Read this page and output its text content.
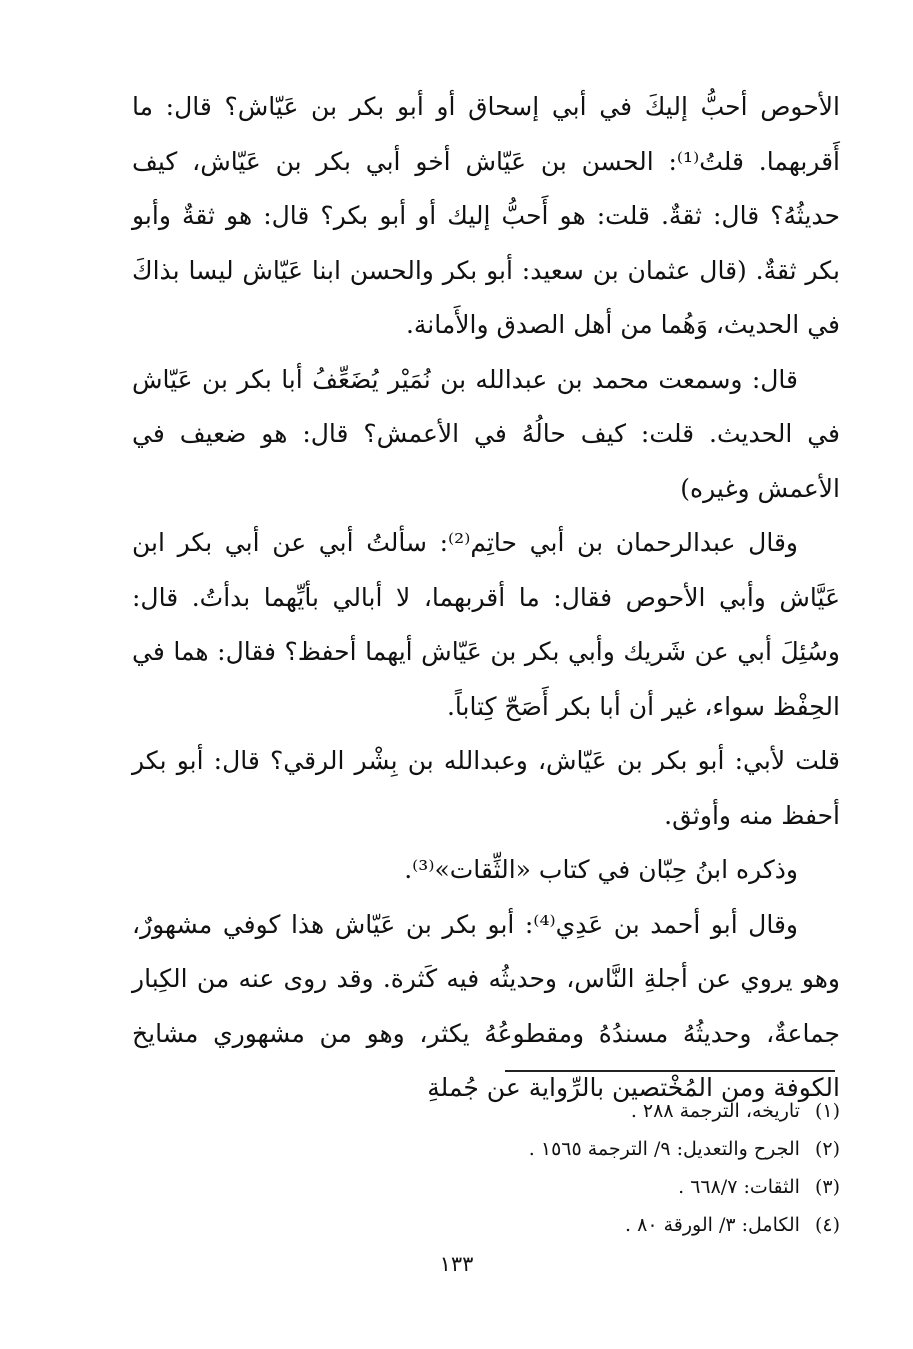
الأحوص أحبُّ إليكَ في أبي إسحاق أو أبو بكر بن عَيّاش؟ قال: ما أَقربهما. قلتُ⁽¹⁾: الحسن بن عَيّاش أخو أبي بكر بن عَيّاش، كيف حديثُهُ؟ قال: ثقةٌ. قلت: هو أَحبُّ إليك أو أبو بكر؟ قال: هو ثقةٌ وأبو بكر ثقةٌ. (قال عثمان بن سعيد: أبو بكر والحسن ابنا عَيّاش ليسا بذاكَ في الحديث، وَهُما من أهل الصدق والأَمانة.

قال: وسمعت محمد بن عبدالله بن نُمَيْر يُضَعِّفُ أبا بكر بن عَيّاش في الحديث. قلت: كيف حالُهُ في الأعمش؟ قال: هو ضعيف في الأعمش وغيره)

وقال عبدالرحمان بن أبي حاتِم⁽²⁾: سألتُ أبي عن أبي بكر ابن عَيَّاش وأبي الأحوص فقال: ما أقربهما، لا أبالي بأيِّهما بدأتُ. قال: وسُئِلَ أبي عن شَريك وأبي بكر بن عَيّاش أيهما أحفظ؟ فقال: هما في الحِفْظ سواء، غير أن أبا بكر أَصَحّ كِتاباً.

قلت لأبي: أبو بكر بن عَيّاش، وعبدالله بن بِشْر الرقي؟ قال: أبو بكر أحفظ منه وأوثق.

وذكره ابنُ حِبّان في كتاب «الثِّقات»⁽³⁾.

وقال أبو أحمد بن عَدِي⁽⁴⁾: أبو بكر بن عَيّاش هذا كوفي مشهورٌ، وهو يروي عن أجلةِ النَّاس، وحديثُه فيه كَثرة. وقد روى عنه من الكِبار جماعةٌ، وحديثُهُ مسندُهُ ومقطوعُهُ يكثر، وهو من مشهوري مشايخ الكوفة ومن المُخْتصين بالرِّواية عن جُملةِ

(١) تاريخه، الترجمة ٢٨٨ .
(٢) الجرح والتعديل: ٩/ الترجمة ١٥٦٥ .
(٣) الثقات: ٦٦٨/٧ .
(٤) الكامل: ٣/ الورقة ٨٠ .
١٣٣
